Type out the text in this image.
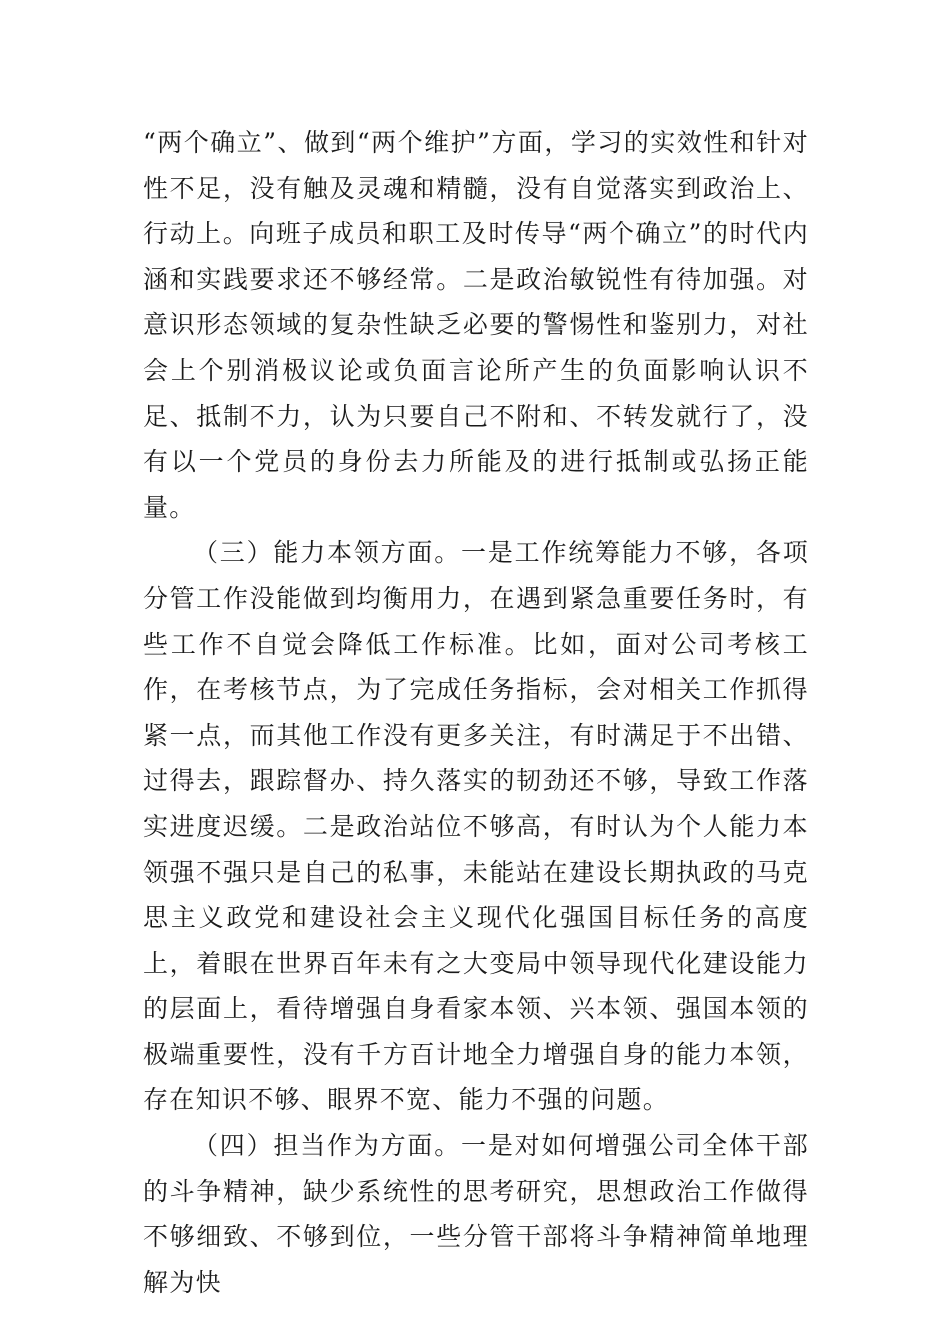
“两个确立”、做到“两个维护”方面，学习的实效性和针对性不足，没有触及灵魂和精髓，没有自觉落实到政治上、行动上。向班子成员和职工及时传导“两个确立”的时代内涵和实践要求还不够经常。二是政治敏锐性有待加强。对意识形态领域的复杂性缺乏必要的警惕性和鉴别力，对社会上个别消极议论或负面言论所产生的负面影响认识不足、抵制不力，认为只要自己不附和、不转发就行了，没有以一个党员的身份去力所能及的进行抵制或弘扬正能量。

（三）能力本领方面。一是工作统筹能力不够，各项分管工作没能做到均衡用力，在遇到紧急重要任务时，有些工作不自觉会降低工作标准。比如，面对公司考核工作，在考核节点，为了完成任务指标，会对相关工作抓得紧一点，而其他工作没有更多关注，有时满足于不出错、过得去，跟踪督办、持久落实的韧劲还不够，导致工作落实进度迟缓。二是政治站位不够高，有时认为个人能力本领强不强只是自己的私事，未能站在建设长期执政的马克思主义政党和建设社会主义现代化强国目标任务的高度上，着眼在世界百年未有之大变局中领导现代化建设能力的层面上，看待增强自身看家本领、兴本领、强国本领的极端重要性，没有千方百计地全力增强自身的能力本领，存在知识不够、眼界不宽、能力不强的问题。

（四）担当作为方面。一是对如何增强公司全体干部的斗争精神，缺少系统性的思考研究，思想政治工作做得不够细致、不够到位，一些分管干部将斗争精神简单地理解为快
